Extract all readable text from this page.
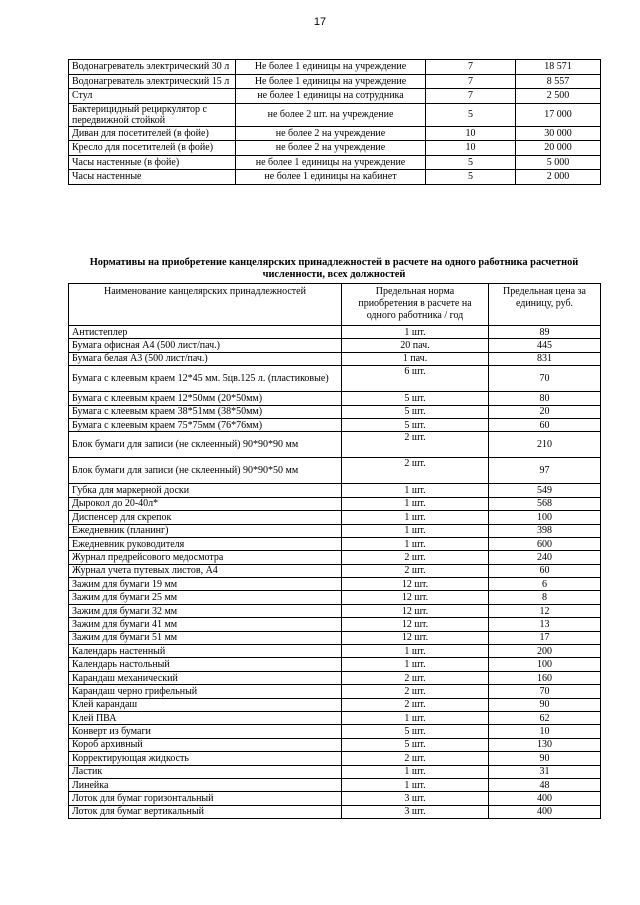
17
Водонагреватель электрический 30 л	Не более 1 единицы на учреждение	7	18 571
Водонагреватель электрический 15 л	Не более 1 единицы на учреждение	7	8 557
Стул	не более 1 единицы на сотрудника	7	2 500
Бактерицидный рециркулятор с передвижной стойкой	не более 2 шт. на учреждение	5	17 000
Диван для посетителей (в фойе)	не более 2 на учреждение	10	30 000
Кресло для посетителей (в фойе)	не более 2 на учреждение	10	20 000
Часы настенные (в фойе)	не более 1 единицы на учреждение	5	5 000
Часы настенные	не более 1 единицы на кабинет	5	2 000
Нормативы на приобретение канцелярских принадлежностей в расчете на одного работника расчетной численности, всех должностей
Наименование канцелярских принадлежностей	Предельная норма приобретения в расчете на одного работника / год	Предельная цена за единицу, руб.
Антистеплер	1 шт.	89
Бумага офисная А4 (500 лист/пач.)	20 пач.	445
Бумага белая А3 (500 лист/пач.)	1 пач.	831
Бумага с клеевым краем 12*45 мм. 5цв.125 л. (пластиковые)	6 шт.	70
Бумага с клеевым краем 12*50мм (20*50мм)	5 шт.	80
Бумага с клеевым краем 38*51мм (38*50мм)	5 шт.	20
Бумага с клеевым краем 75*75мм (76*76мм)	5 шт.	60
Блок бумаги для записи (не склеенный) 90*90*90 мм	2 шт.	210
Блок бумаги для записи (не склеенный) 90*90*50 мм	2 шт.	97
Губка для маркерной доски	1 шт.	549
Дырокол до 20-40л*	1 шт.	568
Диспенсер для скрепок	1 шт.	100
Ежедневник (планинг)	1 шт.	398
Ежедневник руководителя	1 шт.	600
Журнал предрейсового медосмотра	2 шт.	240
Журнал учета путевых листов, А4	2 шт.	60
Зажим для бумаги 19 мм	12 шт.	6
Зажим для бумаги 25 мм	12 шт.	8
Зажим для бумаги 32 мм	12 шт.	12
Зажим для бумаги 41 мм	12 шт.	13
Зажим для бумаги 51 мм	12 шт.	17
Календарь настенный	1 шт.	200
Календарь настольный	1 шт.	100
Карандаш механический	2 шт.	160
Карандаш черно грифельный	2 шт.	70
Клей карандаш	2 шт.	90
Клей ПВА	1 шт.	62
Конверт из бумаги	5 шт.	10
Короб архивный	5 шт.	130
Корректирующая жидкость	2 шт.	90
Ластик	1 шт.	31
Линейка	1 шт.	48
Лоток для бумаг горизонтальный	3 шт.	400
Лоток для бумаг вертикальный	3 шт.	400
